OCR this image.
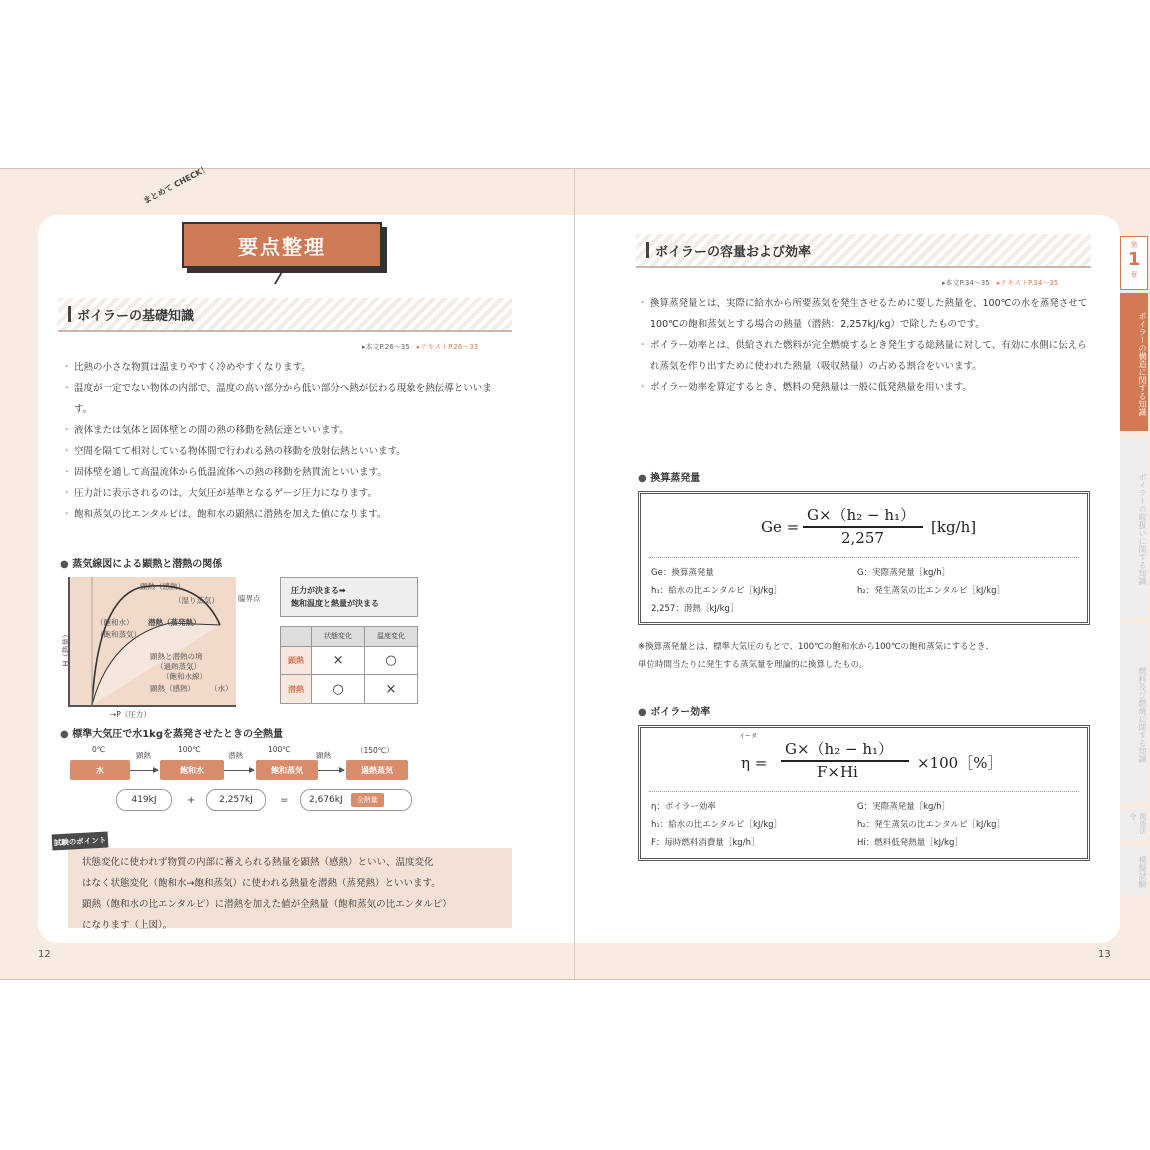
12	13
まとめて CHECK！
要点整理
ボイラーの基礎知識
▸本文P.26〜35　 ▸テキストP.26〜33
・ 比熱の小さな物質は温まりやすく冷めやすくなります。
・ 温度が一定でない物体の内部で、温度の高い部分から低い部分へ熱が伝わる現象を熱伝導といいます。
・ 液体または気体と固体壁との間の熱の移動を熱伝達といいます。
・ 空間を隔てて相対している物体間で行われる熱の移動を放射伝熱といいます。
・ 固体壁を通して高温流体から低温流体への熱の移動を熱貫流といいます。
・ 圧力計に表示されるのは、大気圧が基準となるゲージ圧力になります。
・ 飽和蒸気の比エンタルピは、飽和水の顕熱に潜熱を加えた値になります。
● 蒸気線図による顕熱と潜熱の関係
顕熱（感熱）
（飽和水）
（飽和蒸気）
（湿り蒸気）
潜熱（蒸発熱）
顕熱と潜熱の境
（過熱蒸気）
（飽和水線）
顕熱（感熱） （水）
臨界点
H（熱量）
→P（圧力）
圧力が決まる➡
飽和温度と熱量が決まる
	状態変化	温度変化
顕熱	×	○
潜熱	○	×
● 標準大気圧で水1kgを蒸発させたときの全熱量
0℃	100℃	100℃	（150℃）
顕熱	潜熱	顕熱
水	飽和水	飽和蒸気	過熱蒸気
419kJ	+	2,257kJ	= 2,676kJ	全熱量
状態変化に使われず物質の内部に蓄えられる熱量を顕熱（感熱）といい、温度変化
はなく状態変化（飽和水→飽和蒸気）に使われる熱量を潜熱（蒸発熱）といいます。
顕熱（飽和水の比エンタルピ）に潜熱を加えた値が全熱量（飽和蒸気の比エンタルピ）
になります（上図）。
試験のポイント
ボイラーの容量および効率
▸本文P.34〜35　 ▸テキストP.34〜35
・ 換算蒸発量とは、実際に給水から所要蒸気を発生させるために要した熱量を、100℃の水を蒸発させて100℃の飽和蒸気とする場合の熱量（潜熱：2,257kJ/kg）で除したものです。
・ ボイラー効率とは、供給された燃料が完全燃焼するとき発生する総熱量に対して、有効に水側に伝えられ蒸気を作り出すために使われた熱量（吸収熱量）の占める割合をいいます。
・ ボイラー効率を算定するとき、燃料の発熱量は一般に低発熱量を用います。
● 換算蒸発量
Ge =
G×（h₂ − h₁）
2,257
[kg/h]
Ge：換算蒸発量	G：実際蒸発量［kg/h］
h₁：給水の比エンタルピ［kJ/kg］	h₂：発生蒸気の比エンタルピ［kJ/kg］
2,257：潜熱［kJ/kg］
※換算蒸発量とは、標準大気圧のもとで、100℃の飽和水から100℃の飽和蒸気にするとき、
単位時間当たりに発生する蒸気量を理論的に換算したもの。
● ボイラー効率
イータ
η =
G×（h₂ − h₁）
F×Hi	×100［%］
η：ボイラー効率	G：実際蒸発量［kg/h］
h₁：給水の比エンタルピ［kJ/kg］	h₂：発生蒸気の比エンタルピ［kJ/kg］
F：毎時燃料消費量［kg/h］	Hi：燃料低発熱量［kJ/kg］
第
1
章
ボイラーの構造に関する知識
ボイラーの取扱いに関する知識
燃料及び燃焼に関する知識
関係法令
模擬試験
